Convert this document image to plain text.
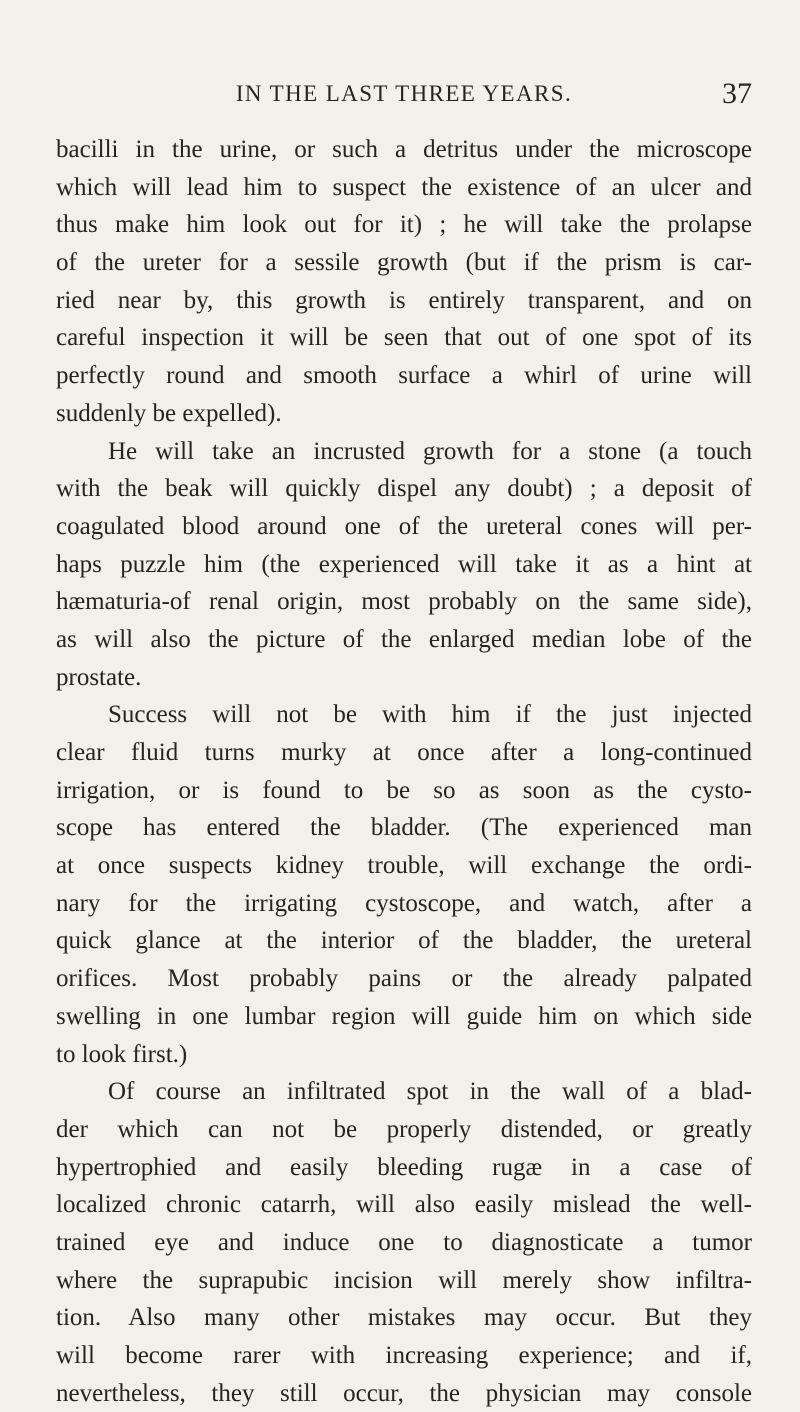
IN THE LAST THREE YEARS.	37
bacilli in the urine, or such a detritus under the microscope
which will lead him to suspect the existence of an ulcer and
thus make him look out for it) ; he will take the prolapse
of the ureter for a sessile growth (but if the prism is car-
ried near by, this growth is entirely transparent, and on
careful inspection it will be seen that out of one spot of its
perfectly round and smooth surface a whirl of urine will
suddenly be expelled).
He will take an incrusted growth for a stone (a touch
with the beak will quickly dispel any doubt) ; a deposit of
coagulated blood around one of the ureteral cones will per-
haps puzzle him (the experienced will take it as a hint at
hæmaturia-of renal origin, most probably on the same side),
as will also the picture of the enlarged median lobe of the
prostate.
Success will not be with him if the just injected
clear fluid turns murky at once after a long-continued
irrigation, or is found to be so as soon as the cysto-
scope has entered the bladder. (The experienced man
at once suspects kidney trouble, will exchange the ordi-
nary for the irrigating cystoscope, and watch, after a
quick glance at the interior of the bladder, the ureteral
orifices. Most probably pains or the already palpated
swelling in one lumbar region will guide him on which side
to look first.)
Of course an infiltrated spot in the wall of a blad-
der which can not be properly distended, or greatly
hypertrophied and easily bleeding rugæ in a case of
localized chronic catarrh, will also easily mislead the well-
trained eye and induce one to diagnosticate a tumor
where the suprapubic incision will merely show infiltra-
tion. Also many other mistakes may occur. But they
will become rarer with increasing experience; and if,
nevertheless, they still occur, the physician may console
